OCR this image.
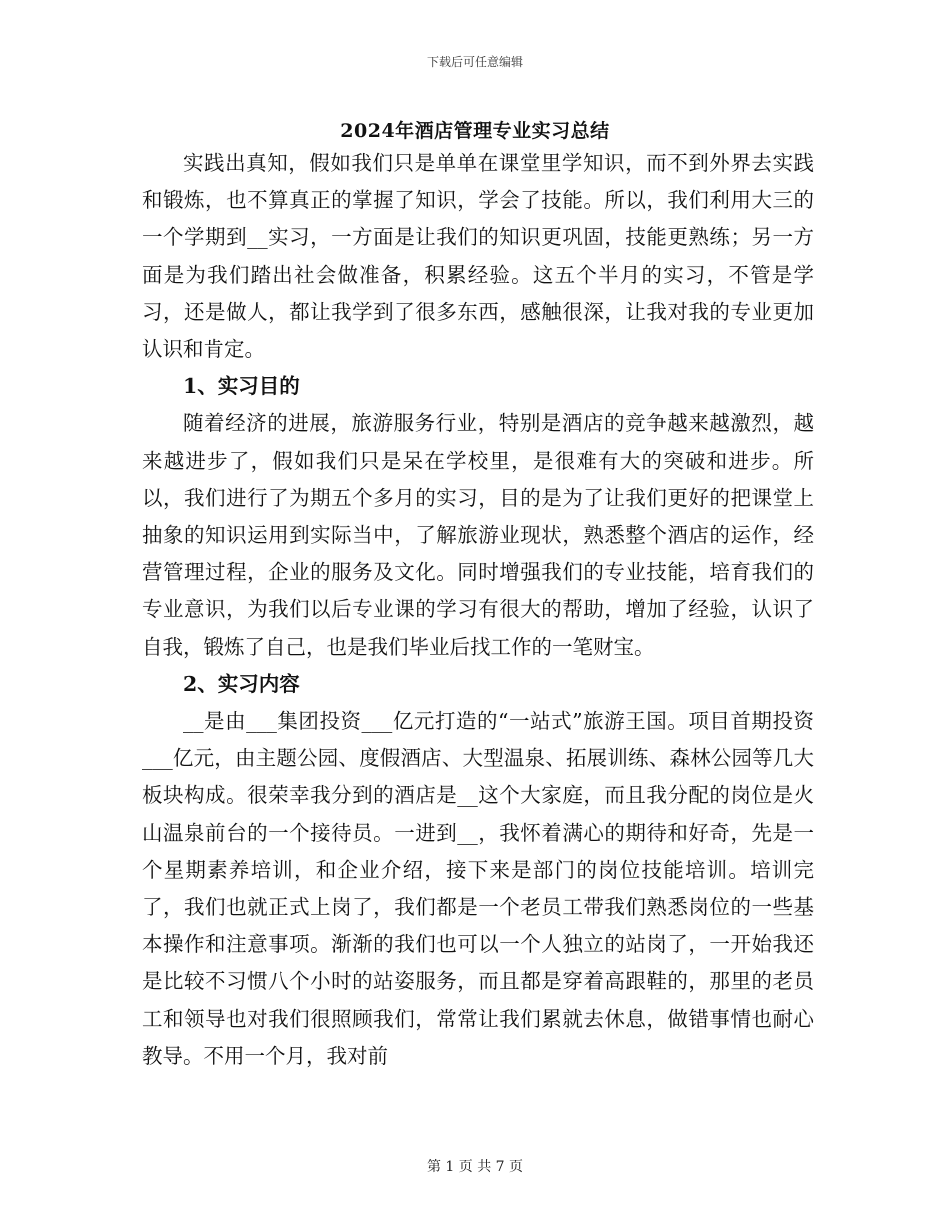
下载后可任意编辑
2024年酒店管理专业实习总结

实践出真知，假如我们只是单单在课堂里学知识，而不到外界去实践和锻炼，也不算真正的掌握了知识，学会了技能。所以，我们利用大三的一个学期到__实习，一方面是让我们的知识更巩固，技能更熟练；另一方面是为我们踏出社会做准备，积累经验。这五个半月的实习，不管是学习，还是做人，都让我学到了很多东西，感触很深，让我对我的专业更加认识和肯定。

1、实习目的

随着经济的进展，旅游服务行业，特别是酒店的竞争越来越激烈，越来越进步了，假如我们只是呆在学校里，是很难有大的突破和进步。所以，我们进行了为期五个多月的实习，目的是为了让我们更好的把课堂上抽象的知识运用到实际当中，了解旅游业现状，熟悉整个酒店的运作，经营管理过程，企业的服务及文化。同时增强我们的专业技能，培育我们的专业意识，为我们以后专业课的学习有很大的帮助，增加了经验，认识了自我，锻炼了自己，也是我们毕业后找工作的一笔财宝。

2、实习内容

__是由___集团投资___亿元打造的“一站式”旅游王国。项目首期投资___亿元，由主题公园、度假酒店、大型温泉、拓展训练、森林公园等几大板块构成。很荣幸我分到的酒店是__这个大家庭，而且我分配的岗位是火山温泉前台的一个接待员。一进到__，我怀着满心的期待和好奇，先是一个星期素养培训，和企业介绍，接下来是部门的岗位技能培训。培训完了，我们也就正式上岗了，我们都是一个老员工带我们熟悉岗位的一些基本操作和注意事项。渐渐的我们也可以一个人独立的站岗了，一开始我还是比较不习惯八个小时的站姿服务，而且都是穿着高跟鞋的，那里的老员工和领导也对我们很照顾我们，常常让我们累就去休息，做错事情也耐心教导。不用一个月，我对前

第 1 页 共 7 页
